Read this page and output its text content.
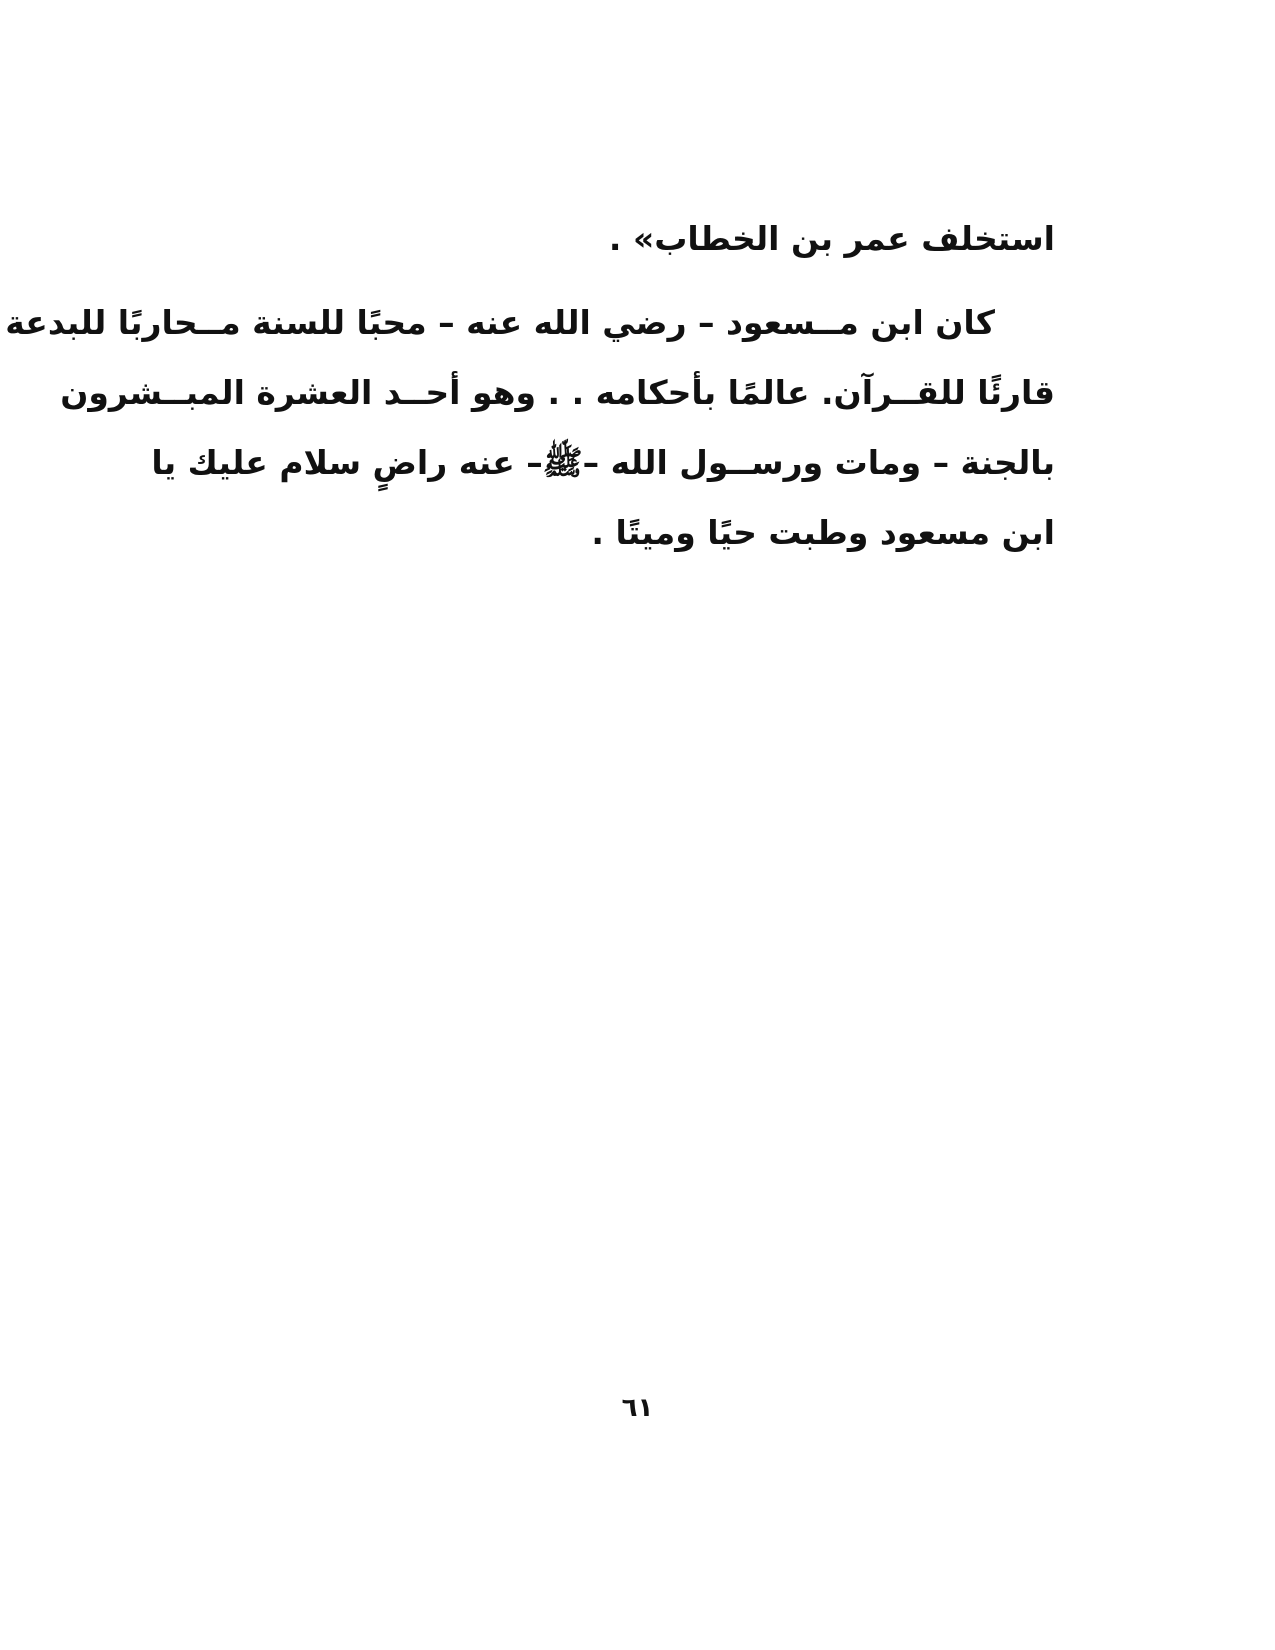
استخلف عمر بن الخطاب» .
كان ابن مــسعود – رضي الله عنه – محبًا للسنة مــحاربًا للبدعة
قارئًا للقــرآن. عالمًا بأحكامه . . وهو أحــد العشرة المبــشرون
بالجنة – ومات ورســول الله –ﷺ– عنه راضٍ سلام عليك يا
ابن مسعود وطبت حيًا وميتًا .
٦١
